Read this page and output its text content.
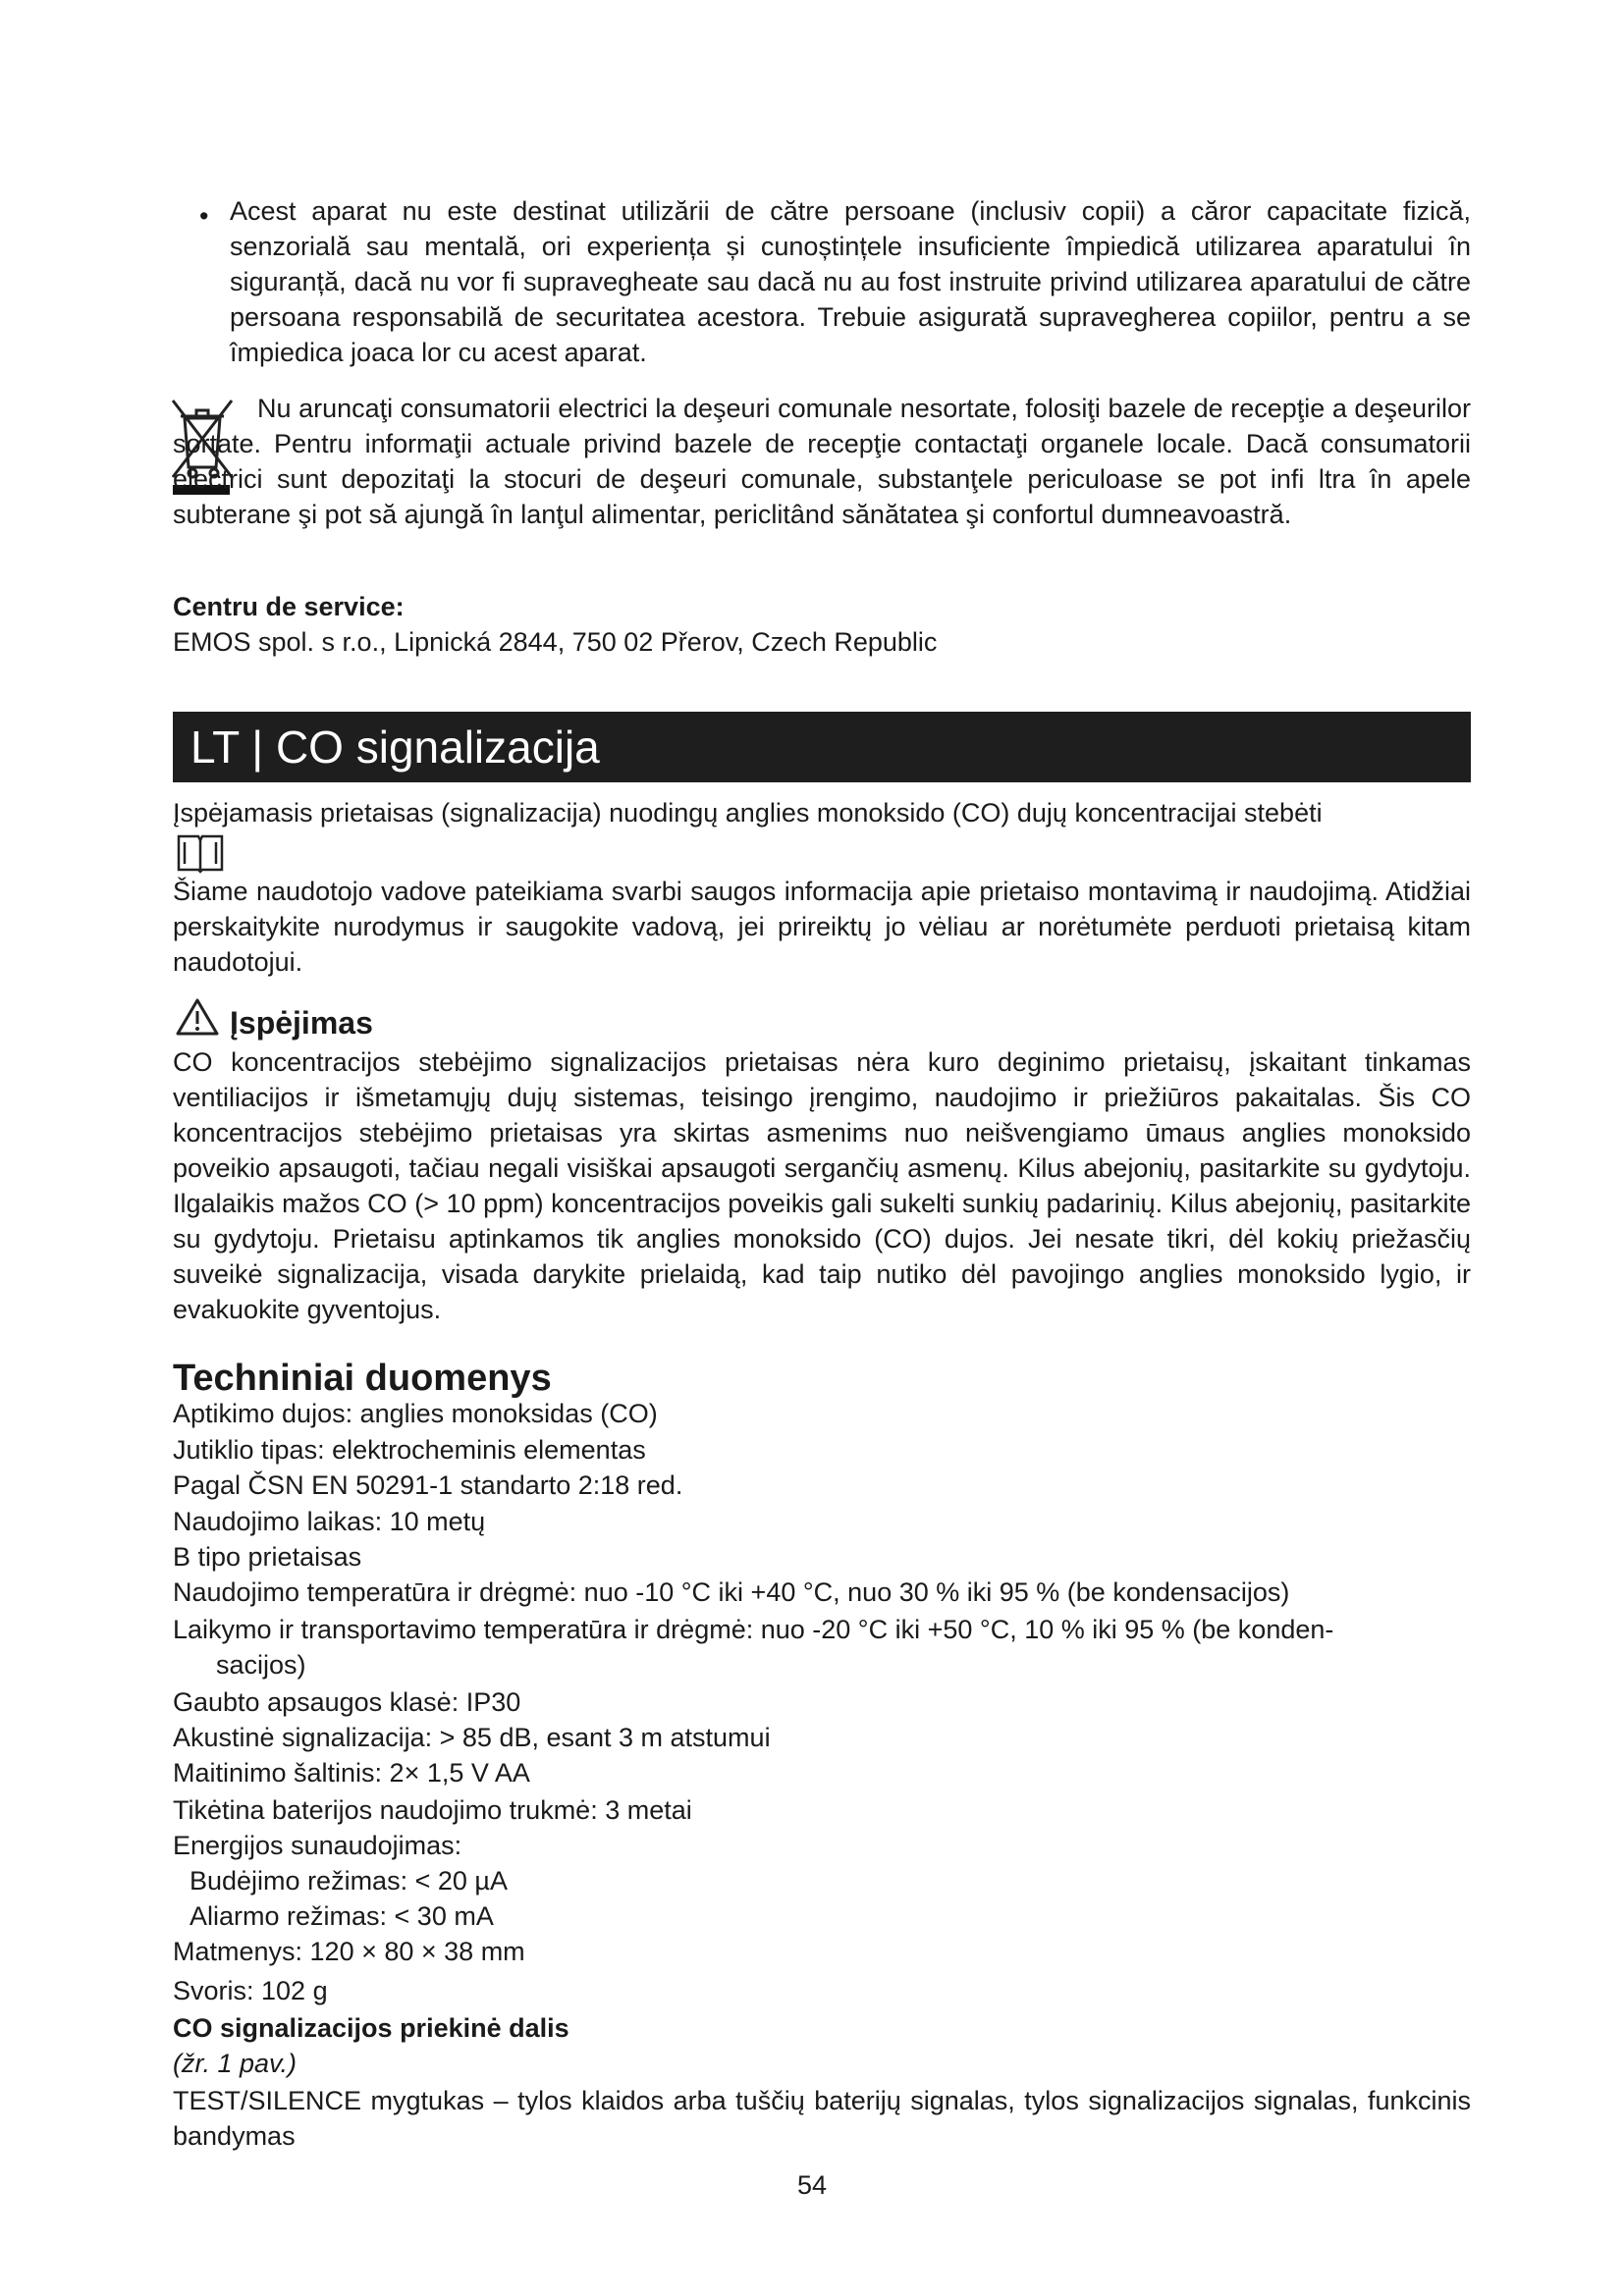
• Acest aparat nu este destinat utilizării de către persoane (inclusiv copii) a căror capacitate fizică, senzorială sau mentală, ori experiența și cunoștințele insuficiente împiedică utilizarea aparatului în siguranță, dacă nu vor fi supravegheate sau dacă nu au fost instruite privind utilizarea aparatului de către persoana responsabilă de securitatea acestora. Trebuie asigurată supravegherea copiilor, pentru a se împiedica joaca lor cu acest aparat.

Nu aruncaţi consumatorii electrici la deşeuri comunale nesortate, folosiţi bazele de recepţie a deşeurilor sortate. Pentru informaţii actuale privind bazele de recepţie contactaţi organele locale. Dacă consumatorii electrici sunt depozitaţi la stocuri de deşeuri comunale, substanţele periculoase se pot infi ltra în apele subterane şi pot să ajungă în lanţul alimentar, periclitând sănătatea şi confortul dumneavoastră.

Centru de service:

EMOS spol. s r.o., Lipnická 2844, 750 02 Přerov, Czech Republic

LT | CO signalizacija

Įspėjamasis prietaisas (signalizacija) nuodingų anglies monoksido (CO) dujų koncentracijai stebėti

Šiame naudotojo vadove pateikiama svarbi saugos informacija apie prietaiso montavimą ir naudojimą. Atidžiai perskaitykite nurodymus ir saugokite vadovą, jei prireiktų jo vėliau ar norėtumėte perduoti prietaisą kitam naudotojui.

Įspėjimas

CO koncentracijos stebėjimo signalizacijos prietaisas nėra kuro deginimo prietaisų, įskaitant tinkamas ventiliacijos ir išmetamųjų dujų sistemas, teisingo įrengimo, naudojimo ir priežiūros pakaitalas. Šis CO koncentracijos stebėjimo prietaisas yra skirtas asmenims nuo neišvengiamo ūmaus anglies monoksido poveikio apsaugoti, tačiau negali visiškai apsaugoti sergančių asmenų. Kilus abejonių, pasitarkite su gydytoju. Ilgalaikis mažos CO (> 10 ppm) koncentracijos poveikis gali sukelti sunkių padarinių. Kilus abejonių, pasitarkite su gydytoju. Prietaisu aptinkamos tik anglies monoksido (CO) dujos. Jei nesate tikri, dėl kokių priežasčių suveikė signalizacija, visada darykite prielaidą, kad taip nutiko dėl pavojingo anglies monoksido lygio, ir evakuokite gyventojus.

Techniniai duomenys

Aptikimo dujos: anglies monoksidas (CO)

Jutiklio tipas: elektrocheminis elementas

Pagal ČSN EN 50291-1 standarto 2:18 red.

Naudojimo laikas: 10 metų

B tipo prietaisas

Naudojimo temperatūra ir drėgmė: nuo -10 °C iki +40 °C, nuo 30 % iki 95 % (be kondensacijos)

Laikymo ir transportavimo temperatūra ir drėgmė: nuo -20 °C iki +50 °C, 10 % iki 95 % (be konden-

sacijos)

Gaubto apsaugos klasė: IP30

Akustinė signalizacija: > 85 dB, esant 3 m atstumui

Maitinimo šaltinis: 2× 1,5 V AA

Tikėtina baterijos naudojimo trukmė: 3 metai

Energijos sunaudojimas:

Budėjimo režimas: < 20 µA

Aliarmo režimas: < 30 mA

Matmenys: 120 × 80 × 38 mm

Svoris: 102 g

CO signalizacijos priekinė dalis

(žr. 1 pav.)

TEST/SILENCE mygtukas – tylos klaidos arba tuščių baterijų signalas, tylos signalizacijos signalas, funkcinis bandymas

54
